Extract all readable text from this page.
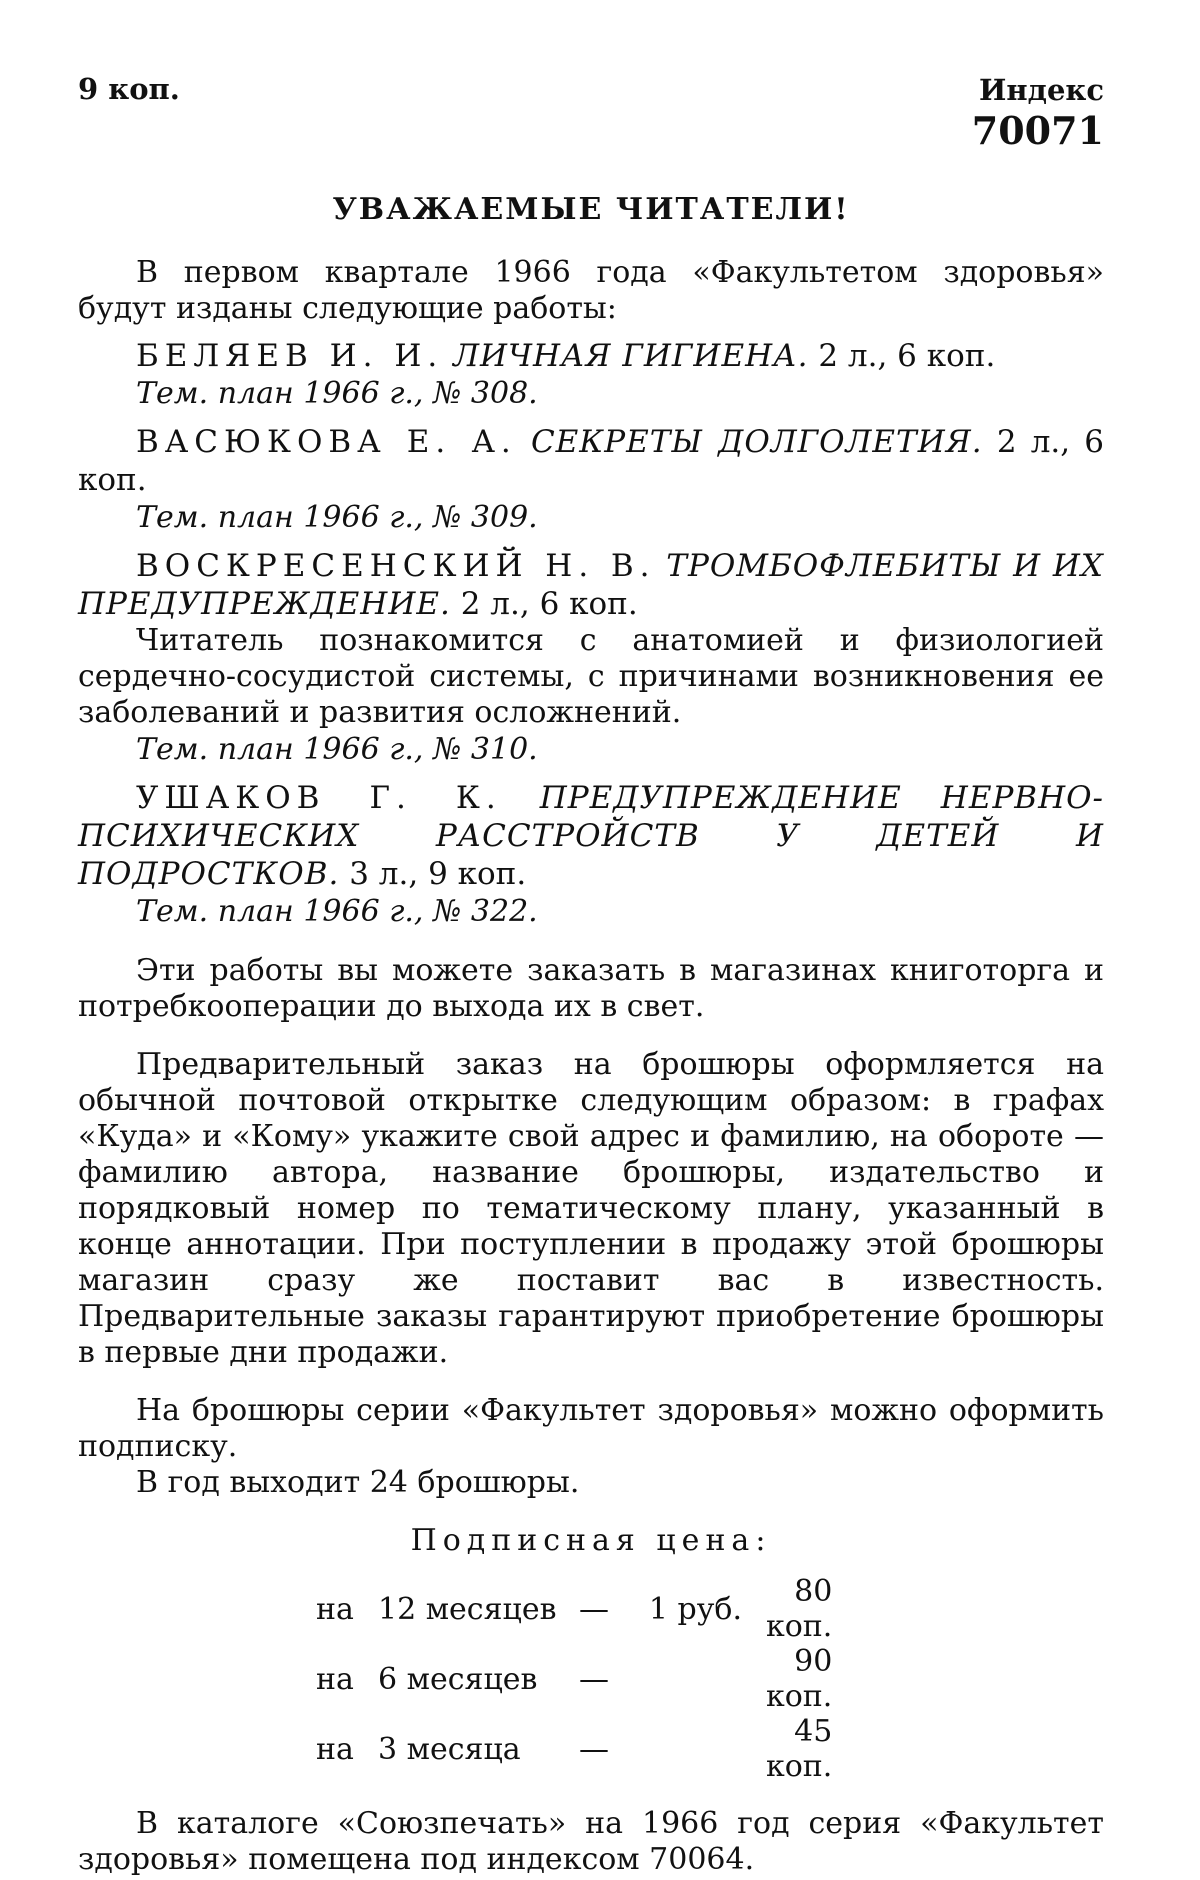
9 коп.	Индекс
70071
УВАЖАЕМЫЕ ЧИТАТЕЛИ!

В первом квартале 1966 года «Факультетом здоровья» будут изданы следующие работы:

БЕЛЯЕВ И. И. ЛИЧНАЯ ГИГИЕНА. 2 л., 6 коп.
Тем. план 1966 г., № 308.
ВАСЮКОВА Е. А. СЕКРЕТЫ ДОЛГОЛЕТИЯ. 2 л., 6 коп.
Тем. план 1966 г., № 309.
ВОСКРЕСЕНСКИЙ Н. В. ТРОМБОФЛЕБИТЫ И ИХ ПРЕДУПРЕЖДЕНИЕ. 2 л., 6 коп.

Читатель познакомится с анатомией и физиологией сердечно-сосудистой системы, с причинами возникновения ее заболеваний и развития осложнений.

Тем. план 1966 г., № 310.
УШАКОВ Г. К. ПРЕДУПРЕЖДЕНИЕ НЕРВНО-ПСИХИЧЕСКИХ РАССТРОЙСТВ У ДЕТЕЙ И ПОДРОСТКОВ. 3 л., 9 коп.
Тем. план 1966 г., № 322.

Эти работы вы можете заказать в магазинах книготорга и потребкооперации до выхода их в свет.

Предварительный заказ на брошюры оформляется на обычной почтовой открытке следующим образом: в графах «Куда» и «Кому» укажите свой адрес и фамилию, на обороте — фамилию автора, название брошюры, издательство и порядковый номер по тематическому плану, указанный в конце аннотации. При поступлении в продажу этой брошюры магазин сразу же поставит вас в известность. Предварительные заказы гарантируют приобретение брошюры в первые дни продажи.

На брошюры серии «Факультет здоровья» можно оформить подписку.

В год выходит 24 брошюры.

Подписная цена:
на	12 месяцев	—	1 руб.	80 коп.
на	6 месяцев	—		90 коп.
на	3 месяца	—		45 коп.

В каталоге «Союзпечать» на 1966 год серия «Факультет здоровья» помещена под индексом 70064.
